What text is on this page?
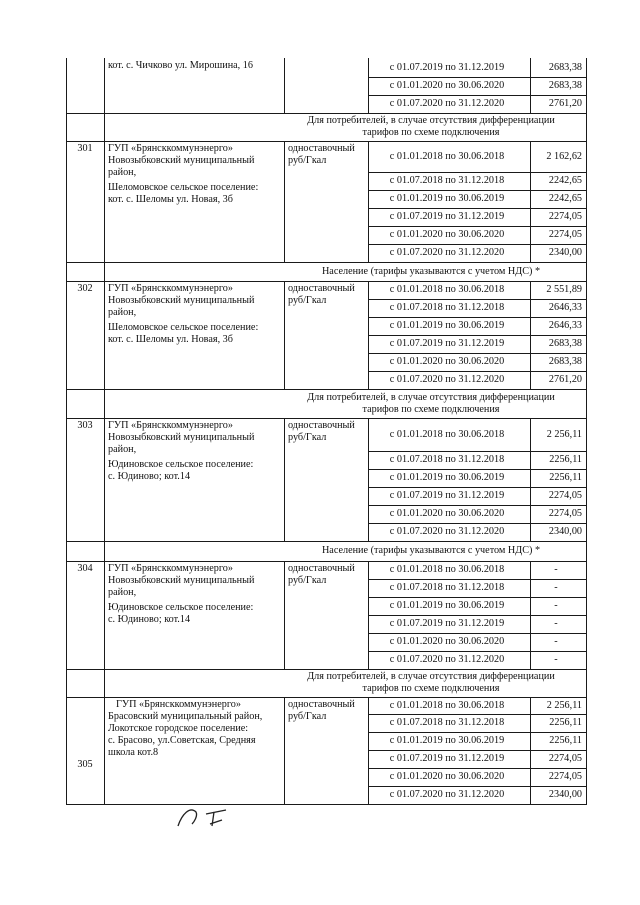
кот. с. Чичково ул. Мирошина, 16	с 01.07.2019 по 31.12.2019	2683,38
с 01.01.2020 по 30.06.2020	2683,38
с 01.07.2020 по 31.12.2020	2761,20
Для потребителей, в случае отсутствия дифференциации
тарифов по схеме подключения
301	ГУП «Брянсккоммунэнерго»
Новозыбковский муниципальный
район,
Шеломовское сельское поселение:
кот. с. Шеломы ул. Новая, 3б
одноставочный
руб/Гкал	с 01.01.2018 по 30.06.2018	2 162,62
с 01.07.2018 по 31.12.2018	2242,65
с 01.01.2019 по 30.06.2019	2242,65
с 01.07.2019 по 31.12.2019	2274,05
с 01.01.2020 по 30.06.2020	2274,05
с 01.07.2020 по 31.12.2020	2340,00
Население (тарифы указываются с учетом НДС) *
302	ГУП «Брянсккоммунэнерго»
Новозыбковский муниципальный
район,
Шеломовское сельское поселение:
кот. с. Шеломы ул. Новая, 3б
одноставочный
руб/Гкал
с 01.01.2018 по 30.06.2018	2 551,89
с 01.07.2018 по 31.12.2018	2646,33
с 01.01.2019 по 30.06.2019	2646,33
с 01.07.2019 по 31.12.2019	2683,38
с 01.01.2020 по 30.06.2020	2683,38
с 01.07.2020 по 31.12.2020	2761,20
Для потребителей, в случае отсутствия дифференциации
тарифов по схеме подключения
303	ГУП «Брянсккоммунэнерго»
Новозыбковский муниципальный
район,
Юдиновское сельское поселение:
с. Юдиново; кот.14
одноставочный
руб/Гкал	с 01.01.2018 по 30.06.2018	2 256,11
с 01.07.2018 по 31.12.2018	2256,11
с 01.01.2019 по 30.06.2019	2256,11
с 01.07.2019 по 31.12.2019	2274,05
с 01.01.2020 по 30.06.2020	2274,05
с 01.07.2020 по 31.12.2020	2340,00
Население (тарифы указываются с учетом НДС) *
304	ГУП «Брянсккоммунэнерго»
Новозыбковский муниципальный
район,
Юдиновское сельское поселение:
с. Юдиново; кот.14
одноставочный
руб/Гкал
с 01.01.2018 по 30.06.2018	-
с 01.07.2018 по 31.12.2018	-
с 01.01.2019 по 30.06.2019	-
с 01.07.2019 по 31.12.2019	-
с 01.01.2020 по 30.06.2020	-
с 01.07.2020 по 31.12.2020	-
Для потребителей, в случае отсутствия дифференциации
тарифов по схеме подключения
305
ГУП «Брянсккоммунэнерго»
Брасовский муниципальный район,
Локотское городское поселение:
с. Брасово, ул.Советская, Средняя
школа кот.8
одноставочный
руб/Гкал
с 01.01.2018 по 30.06.2018	2 256,11
с 01.07.2018 по 31.12.2018	2256,11
с 01.01.2019 по 30.06.2019	2256,11
с 01.07.2019 по 31.12.2019	2274,05
с 01.01.2020 по 30.06.2020	2274,05
с 01.07.2020 по 31.12.2020	2340,00
